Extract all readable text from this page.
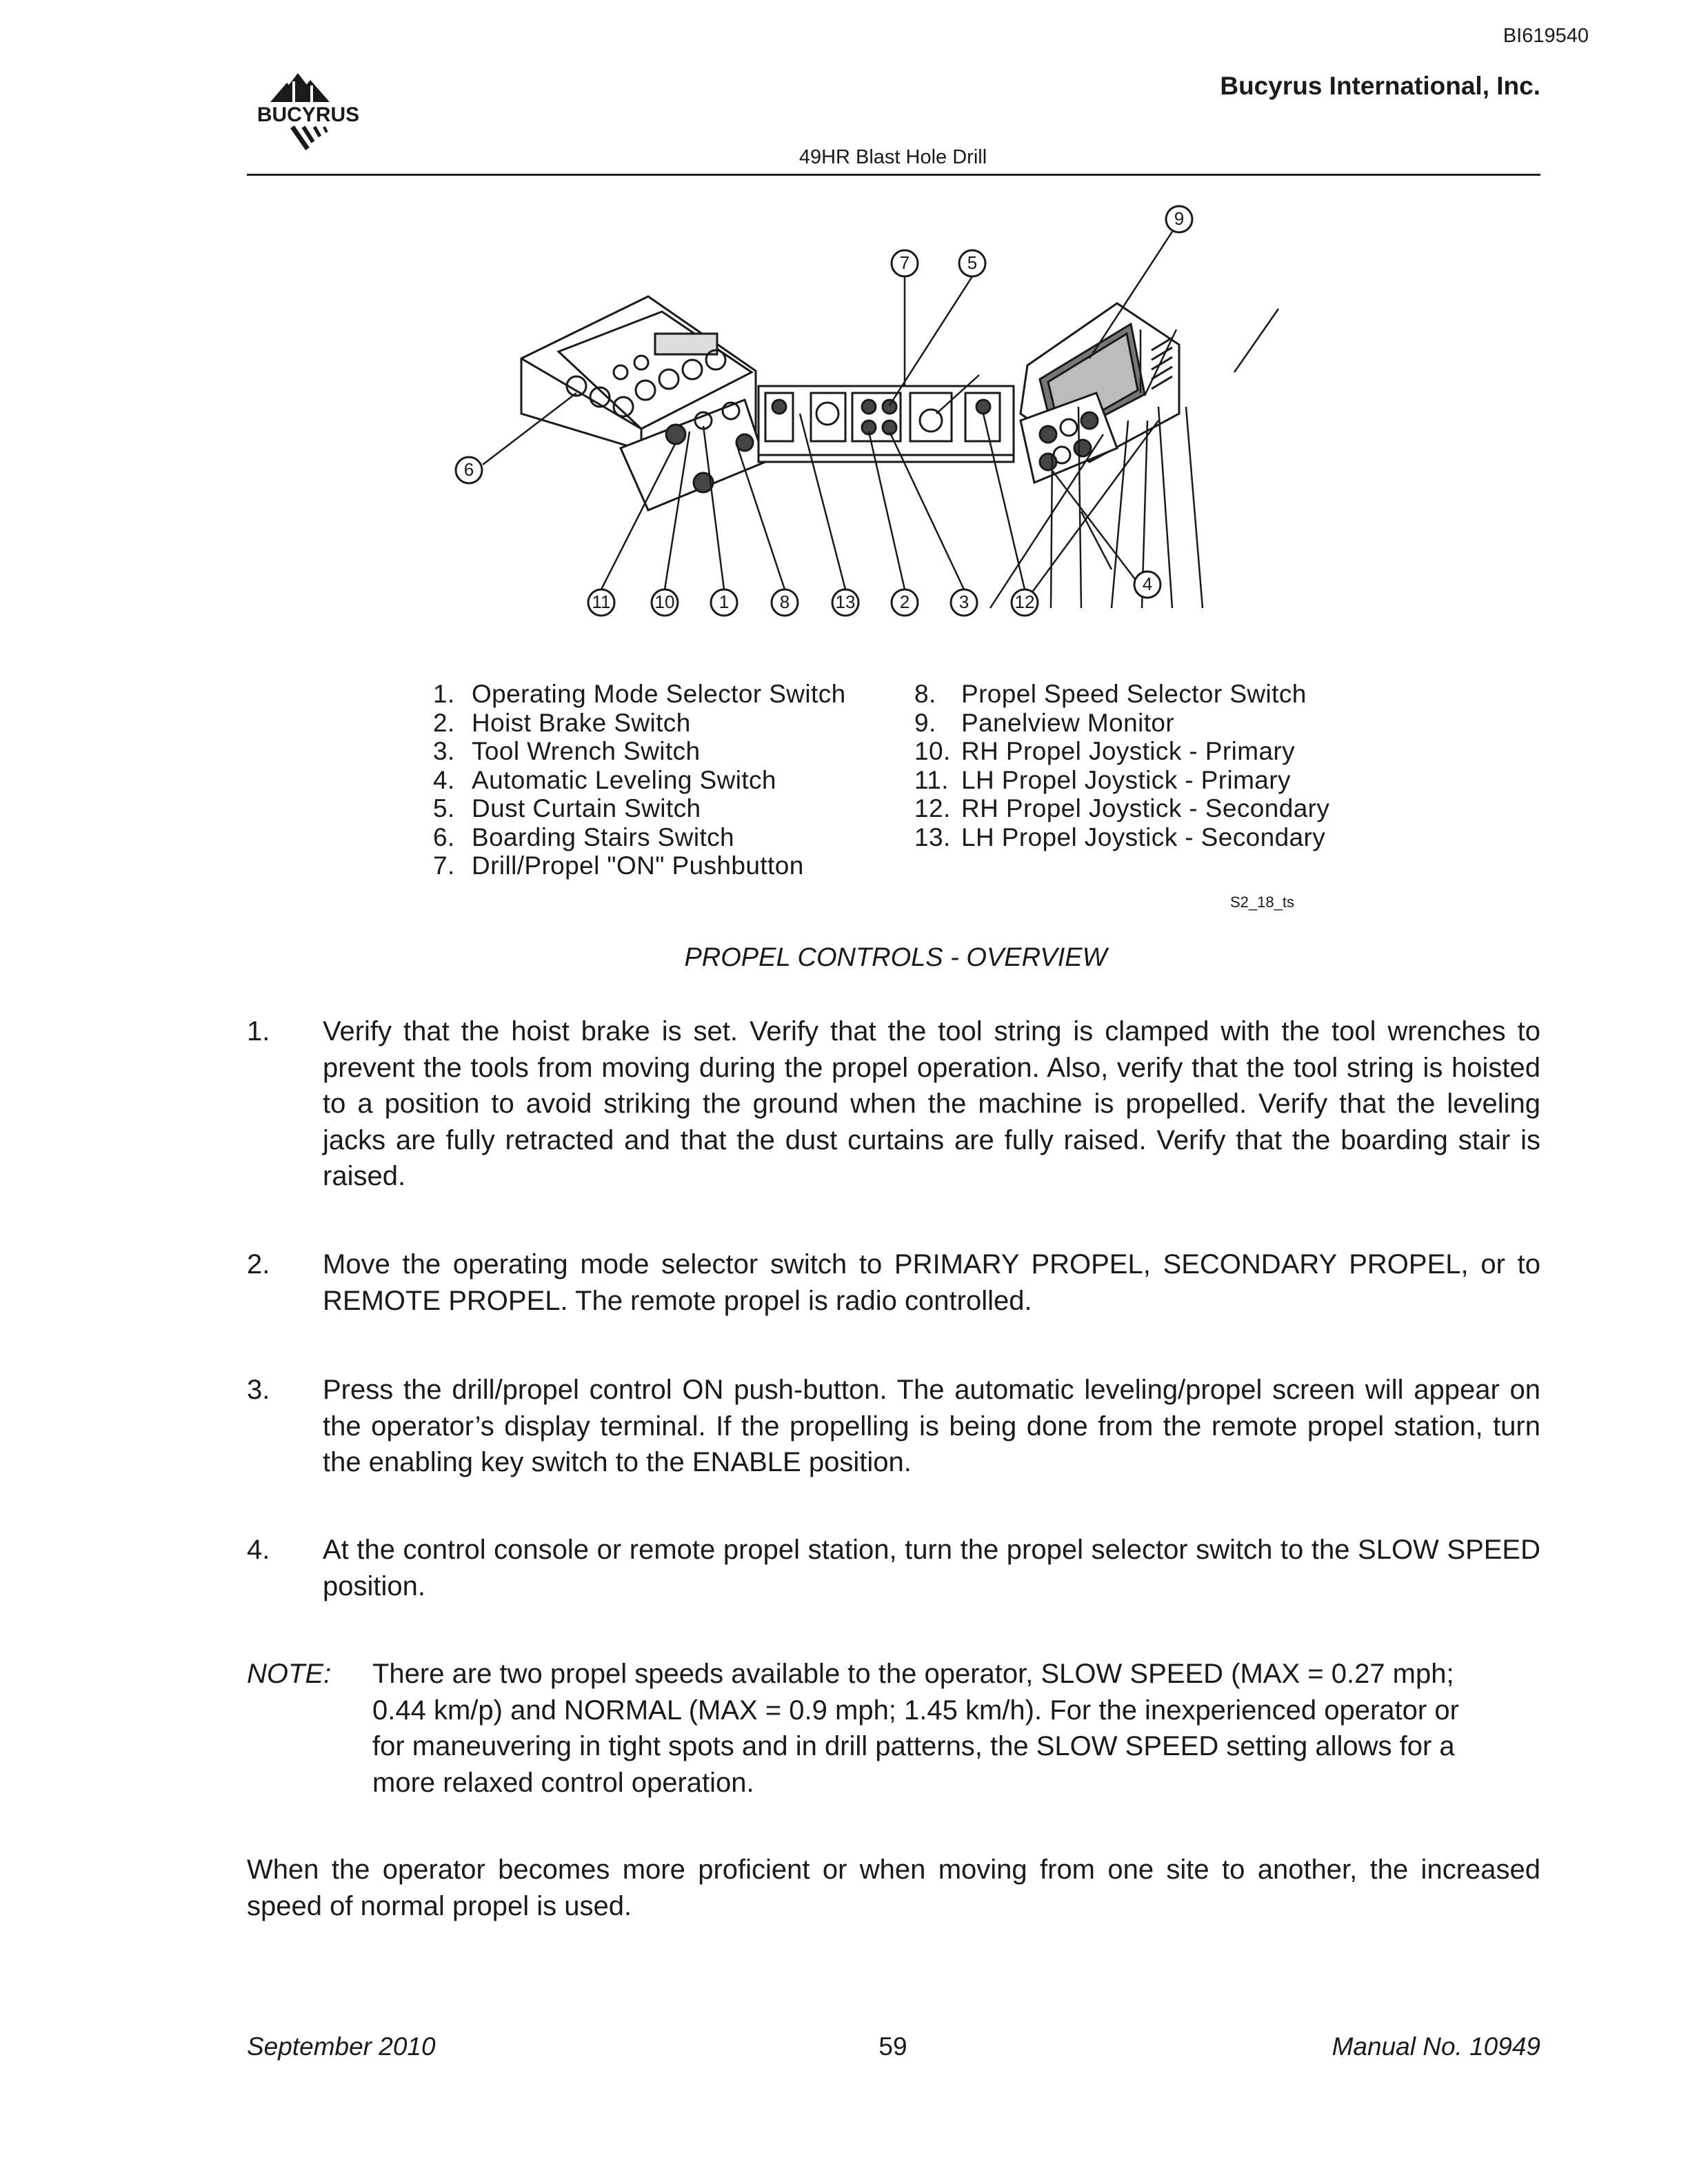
BI619540
BUCYRUS
Bucyrus International, Inc.
49HR Blast Hole Drill
9
7	5
6
4
11 10 1	8	13 2	3	12
1. Operating Mode Selector Switch
2. Hoist Brake Switch
3. Tool Wrench Switch
4. Automatic Leveling Switch
5. Dust Curtain Switch
6. Boarding Stairs Switch
7. Drill/Propel "ON" Pushbutton
8. Propel Speed Selector Switch
9. Panelview Monitor
10. RH Propel Joystick - Primary
11. LH Propel Joystick - Primary
12. RH Propel Joystick - Secondary
13. LH Propel Joystick - Secondary
S2_18_ts
PROPEL CONTROLS - OVERVIEW
1. Verify that the hoist brake is set. Verify that the tool string is clamped with the tool wrenches to prevent the tools from moving during the propel operation. Also, verify that the tool string is hoisted to a position to avoid striking the ground when the machine is propelled. Verify that the leveling jacks are fully retracted and that the dust curtains are fully raised. Verify that the boarding stair is raised.
2. Move the operating mode selector switch to PRIMARY PROPEL, SECONDARY PROPEL, or to REMOTE PROPEL. The remote propel is radio controlled.
3. Press the drill/propel control ON push-button. The automatic leveling/propel screen will appear on the operator’s display terminal. If the propelling is being done from the remote propel station, turn the enabling key switch to the ENABLE position.
4. At the control console or remote propel station, turn the propel selector switch to the SLOW SPEED position.
NOTE: There are two propel speeds available to the operator, SLOW SPEED (MAX = 0.27 mph; 0.44 km/p) and NORMAL (MAX = 0.9 mph; 1.45 km/h). For the inexperienced operator or for maneuvering in tight spots and in drill patterns, the SLOW SPEED setting allows for a more relaxed control operation.
When the operator becomes more proficient or when moving from one site to another, the increased speed of normal propel is used.
September 2010	59	Manual No. 10949
